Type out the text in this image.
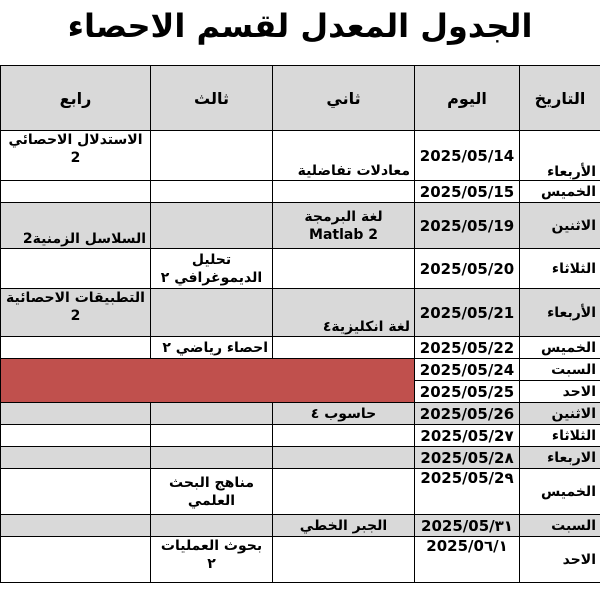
الجدول المعدل لقسم الاحصاء
التاريخ	اليوم	ثاني	ثالث	رابع
الأربعاء	2025/05/14	معادلات تفاضلية		الاستدلال الاحصائي 2
الخميس	2025/05/15			
الاثنين	2025/05/19	لغة البرمجة Matlab 2		السلاسل الزمنية2
الثلاثاء	2025/05/20		تحليل الديموغرافي ٢	
الأربعاء	2025/05/21	لغة انكليزية٤		التطبيقات الاحصائية 2
الخميس	2025/05/22		احصاء رياضي ٢	
السبت	2025/05/24			
الاحد	2025/05/25			
الاثنين	2025/05/26	حاسوب ٤		
الثلاثاء	2025/05/2٧			
الاربعاء	2025/05/2٨			
الخميس	2025/05/2٩		مناهج البحث العلمي	
السبت	2025/05/٣١	الجبر الخطي		
الاحد	2025/0٦/١		بحوث العمليات ٢	
